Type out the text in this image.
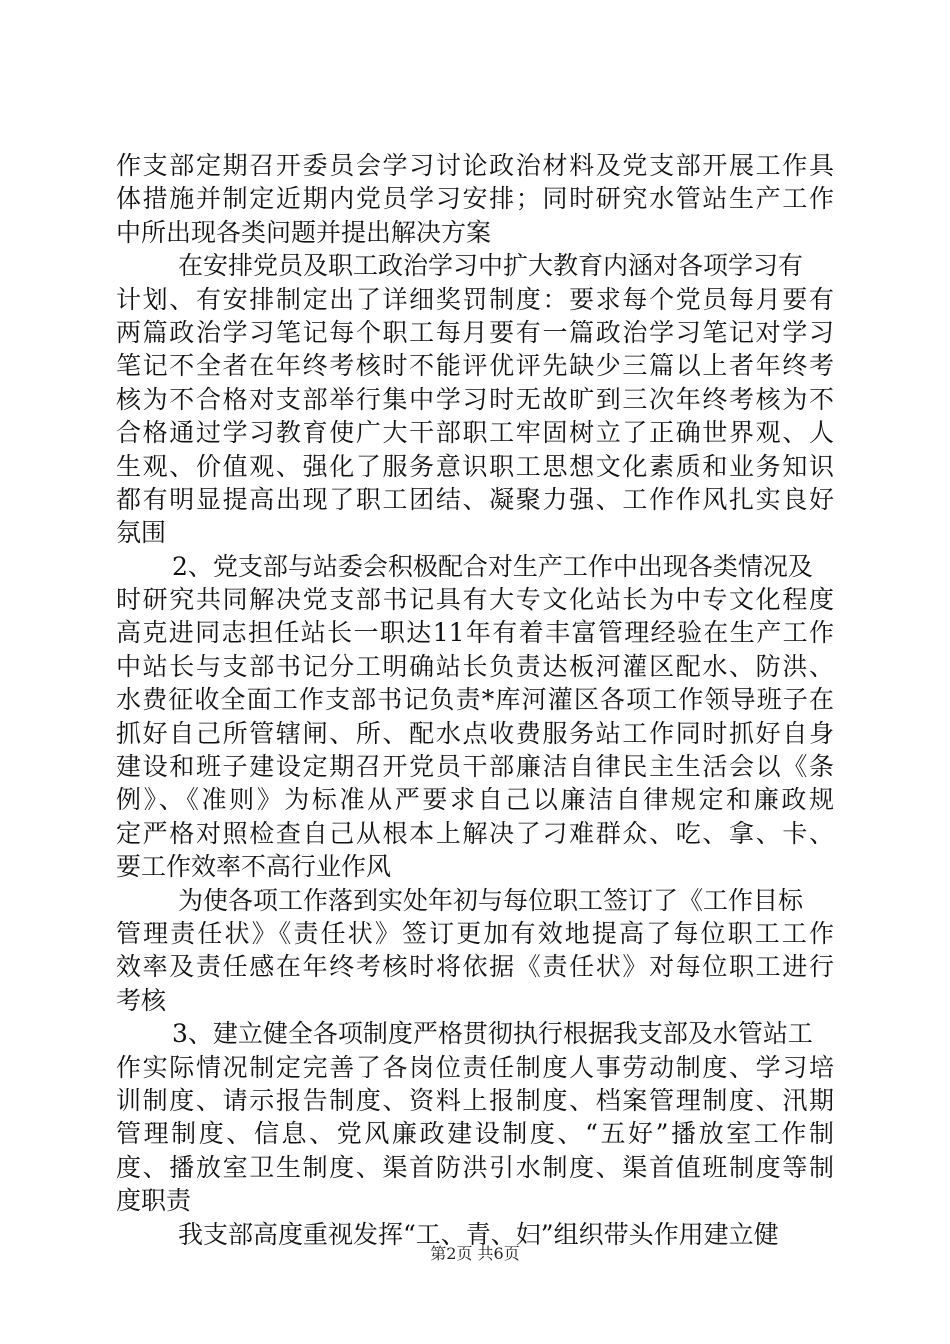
作支部定期召开委员会学习讨论政治材料及党支部开展工作具
体措施并制定近期内党员学习安排；同时研究水管站生产工作
中所出现各类问题并提出解决方案
在安排党员及职工政治学习中扩大教育内涵对各项学习有
计划、有安排制定出了详细奖罚制度：要求每个党员每月要有
两篇政治学习笔记每个职工每月要有一篇政治学习笔记对学习
笔记不全者在年终考核时不能评优评先缺少三篇以上者年终考
核为不合格对支部举行集中学习时无故旷到三次年终考核为不
合格通过学习教育使广大干部职工牢固树立了正确世界观、人
生观、价值观、强化了服务意识职工思想文化素质和业务知识
都有明显提高出现了职工团结、凝聚力强、工作作风扎实良好
氛围
2、党支部与站委会积极配合对生产工作中出现各类情况及
时研究共同解决党支部书记具有大专文化站长为中专文化程度
高克进同志担任站长一职达11年有着丰富管理经验在生产工作
中站长与支部书记分工明确站长负责达板河灌区配水、防洪、
水费征收全面工作支部书记负责*库河灌区各项工作领导班子在
抓好自己所管辖闸、所、配水点收费服务站工作同时抓好自身
建设和班子建设定期召开党员干部廉洁自律民主生活会以《条
例》、《准则》为标准从严要求自己以廉洁自律规定和廉政规
定严格对照检查自己从根本上解决了刁难群众、吃、拿、卡、
要工作效率不高行业作风
为使各项工作落到实处年初与每位职工签订了《工作目标
管理责任状》《责任状》签订更加有效地提高了每位职工工作
效率及责任感在年终考核时将依据《责任状》对每位职工进行
考核
3、建立健全各项制度严格贯彻执行根据我支部及水管站工
作实际情况制定完善了各岗位责任制度人事劳动制度、学习培
训制度、请示报告制度、资料上报制度、档案管理制度、汛期
管理制度、信息、党风廉政建设制度、“五好”播放室工作制
度、播放室卫生制度、渠首防洪引水制度、渠首值班制度等制
度职责
我支部高度重视发挥“工、青、妇”组织带头作用建立健
第2页 共6页
